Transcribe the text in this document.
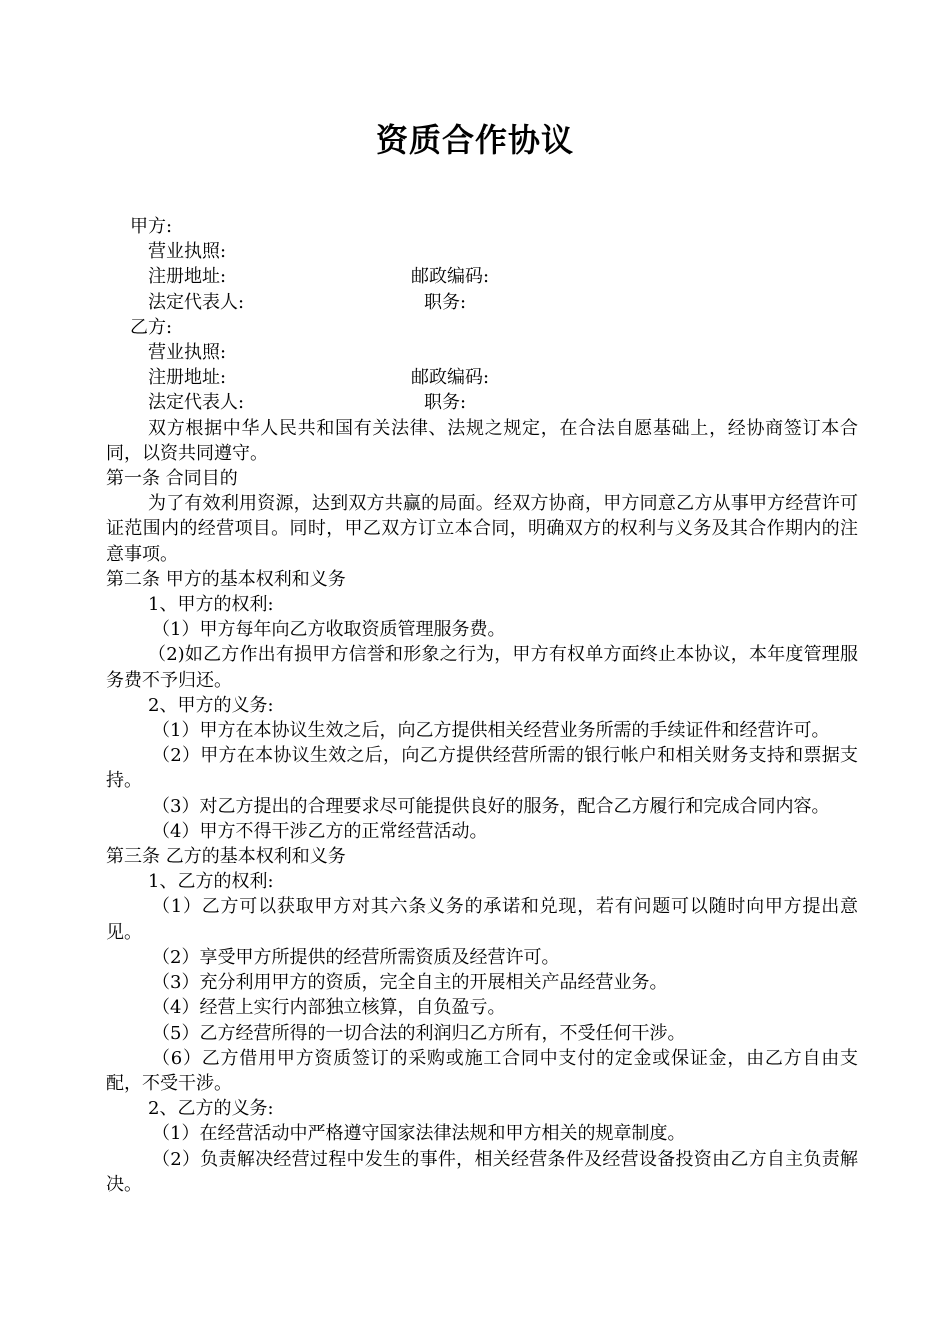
资质合作协议

甲方:

营业执照:

注册地址:	邮政编码:
法定代表人:	职务:

乙方:

营业执照:

注册地址:	邮政编码:
法定代表人:	职务:

双方根据中华人民共和国有关法律、法规之规定，在合法自愿基础上，经协商签订本合同，以资共同遵守。

第一条 合同目的

为了有效利用资源，达到双方共赢的局面。经双方协商，甲方同意乙方从事甲方经营许可证范围内的经营项目。同时，甲乙双方订立本合同，明确双方的权利与义务及其合作期内的注意事项。

第二条 甲方的基本权利和义务

1、甲方的权利:

（1）甲方每年向乙方收取资质管理服务费。

（2)如乙方作出有损甲方信誉和形象之行为，甲方有权单方面终止本协议，本年度管理服务费不予归还。

2、甲方的义务:

（1）甲方在本协议生效之后，向乙方提供相关经营业务所需的手续证件和经营许可。

（2）甲方在本协议生效之后，向乙方提供经营所需的银行帐户和相关财务支持和票据支持。

（3）对乙方提出的合理要求尽可能提供良好的服务，配合乙方履行和完成合同内容。

（4）甲方不得干涉乙方的正常经营活动。

第三条 乙方的基本权利和义务

1、乙方的权利:

（1）乙方可以获取甲方对其六条义务的承诺和兑现，若有问题可以随时向甲方提出意见。

（2）享受甲方所提供的经营所需资质及经营许可。

（3）充分利用甲方的资质，完全自主的开展相关产品经营业务。

（4）经营上实行内部独立核算，自负盈亏。

（5）乙方经营所得的一切合法的利润归乙方所有，不受任何干涉。

（6）乙方借用甲方资质签订的采购或施工合同中支付的定金或保证金，由乙方自由支配，不受干涉。

2、乙方的义务:

（1）在经营活动中严格遵守国家法律法规和甲方相关的规章制度。

（2）负责解决经营过程中发生的事件，相关经营条件及经营设备投资由乙方自主负责解决。
